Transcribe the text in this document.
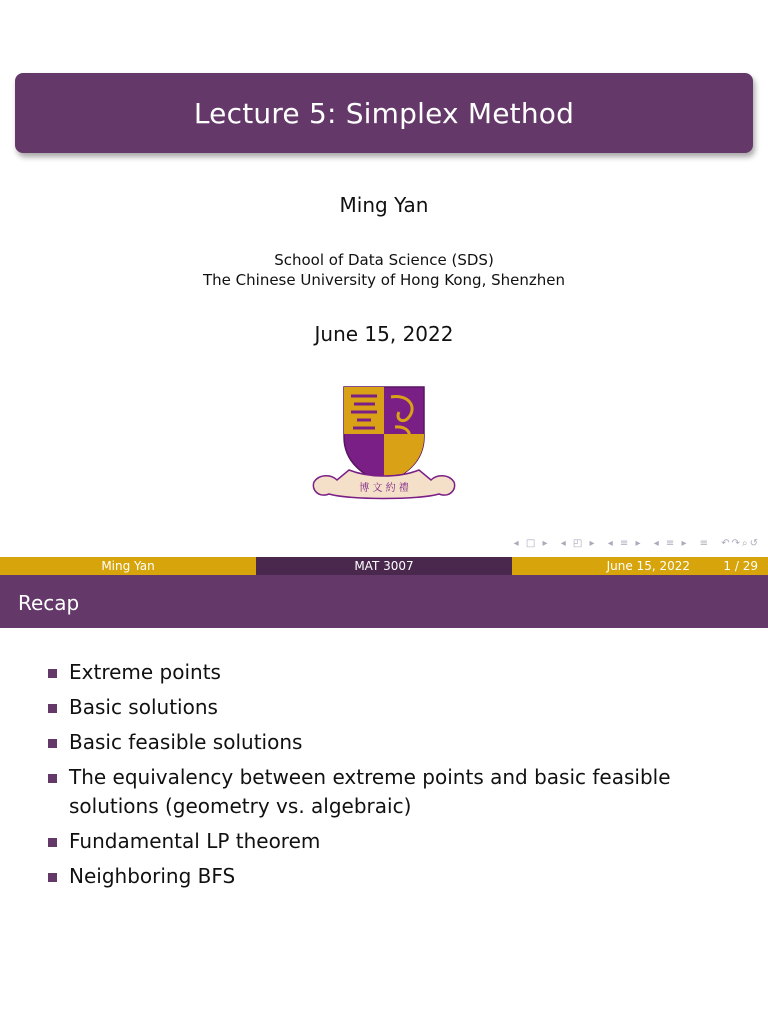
Lecture 5: Simplex Method
Ming Yan
School of Data Science (SDS)
The Chinese University of Hong Kong, Shenzhen
June 15, 2022
博 文 約 禮
◂ □ ▸ ◂ ◰ ▸ ◂ ≡ ▸ ◂ ≡ ▸ ≡ ↶↷⌕↺
Ming Yan	MAT 3007	June 15, 2022	1 / 29
Recap
Extreme points
Basic solutions
Basic feasible solutions
The equivalency between extreme points and basic feasible solutions (geometry vs. algebraic)
Fundamental LP theorem
Neighboring BFS
